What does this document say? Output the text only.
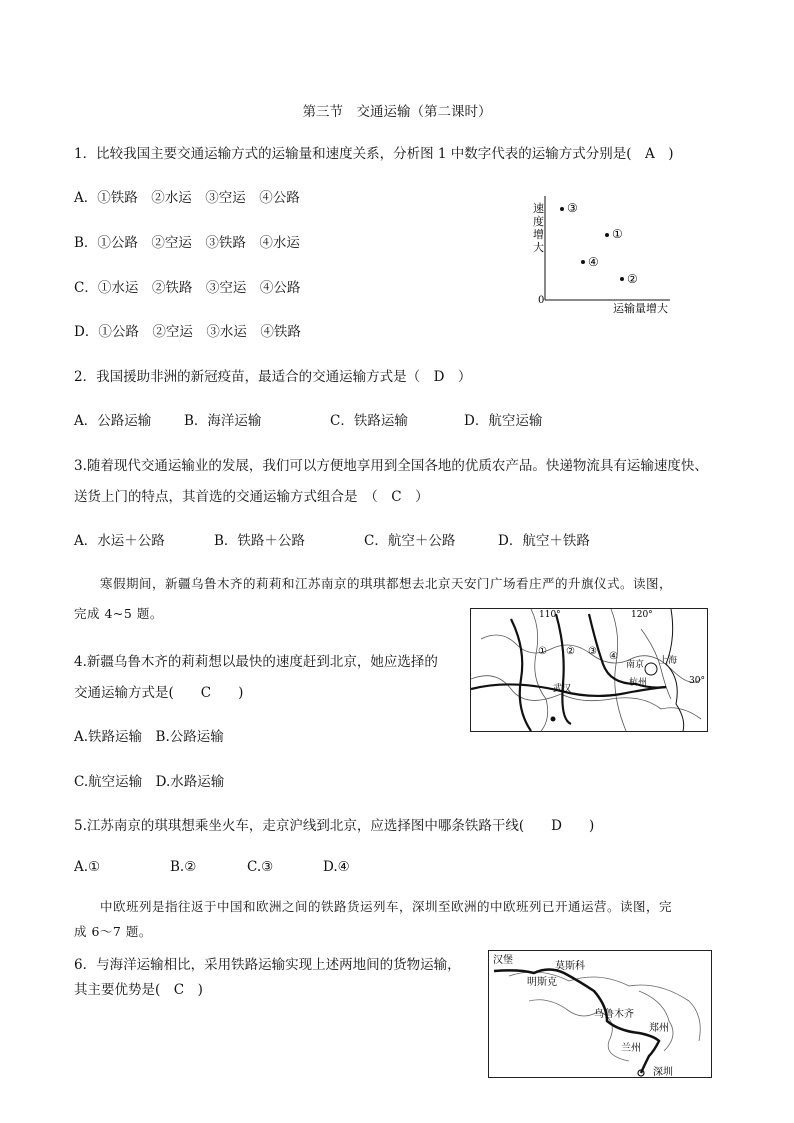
第三节　交通运输（第二课时）
1．比较我国主要交通运输方式的运输量和速度关系，分析图 1 中数字代表的运输方式分别是(　A　)
A．①铁路　②水运　③空运　④公路
B．①公路　②空运　③铁路　④水运
C．①水运　②铁路　③空运　④公路
D．①公路　②空运　③水运　④铁路
速
度
增
大
0
运输量增大
③
①
④
②
2．我国援助非洲的新冠疫苗，最适合的交通运输方式是（　D　）
A．公路运输 B．海洋运输	C．铁路运输	D．航空运输
3.随着现代交通运输业的发展，我们可以方便地享用到全国各地的优质农产品。快递物流具有运输速度快、
送货上门的特点，其首选的交通运输方式组合是　（　C　）
A．水运＋公路	B．铁路＋公路	C．航空＋公路	D．航空＋铁路
寒假期间，新疆乌鲁木齐的莉莉和江苏南京的琪琪都想去北京天安门广场看庄严的升旗仪式。读图，
完成 4~5 题。	110°	120°
① ② ③ ④
南京 上海
杭州
武汉
30°
4.新疆乌鲁木齐的莉莉想以最快的速度赶到北京，她应选择的
交通运输方式是(　　C　　)
A.铁路运输　B.公路运输
C.航空运输　D.水路运输
5.江苏南京的琪琪想乘坐火车，走京沪线到北京，应选择图中哪条铁路干线(　　D　　)
A.①	B.②	C.③	D.④
中欧班列是指往返于中国和欧洲之间的铁路货运列车，深圳至欧洲的中欧班列已开通运营。读图，完
成 6～7 题。
6．与海洋运输相比，采用铁路运输实现上述两地间的货物运输，
其主要优势是(　C　)
汉堡
莫斯科
明斯克
乌鲁木齐
郑州
兰州
深圳
